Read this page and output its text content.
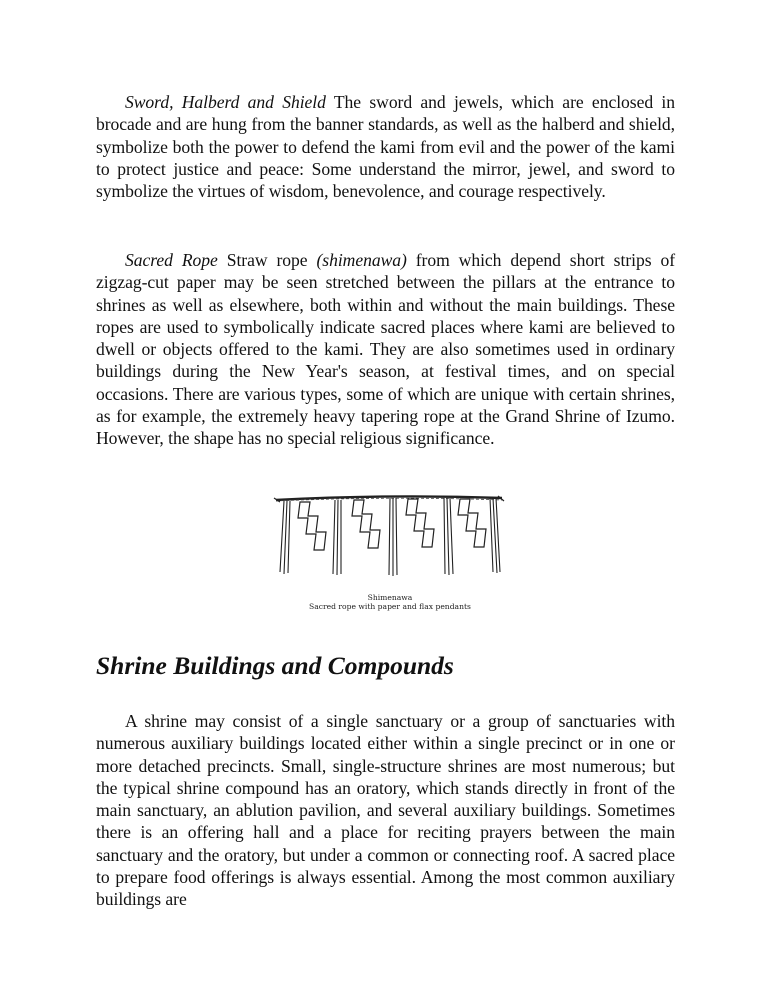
Sword, Halberd and Shield The sword and jewels, which are enclosed in brocade and are hung from the banner standards, as well as the halberd and shield, symbolize both the power to defend the kami from evil and the power of the kami to protect justice and peace: Some understand the mirror, jewel, and sword to symbolize the virtues of wisdom, benevolence, and courage respectively.

Sacred Rope Straw rope (shimenawa) from which depend short strips of zigzag-cut paper may be seen stretched between the pillars at the entrance to shrines as well as elsewhere, both within and without the main buildings. These ropes are used to symbolically indicate sacred places where kami are believed to dwell or objects offered to the kami. They are also sometimes used in ordinary buildings during the New Year's season, at festival times, and on special occasions. There are various types, some of which are unique with certain shrines, as for example, the extremely heavy tapering rope at the Grand Shrine of Izumo. However, the shape has no special religious significance.

Shimenawa

Sacred rope with paper and flax pendants

Shrine Buildings and Compounds

A shrine may consist of a single sanctuary or a group of sanctuaries with numerous auxiliary buildings located either within a single precinct or in one or more detached precincts. Small, single-structure shrines are most numerous; but the typical shrine compound has an oratory, which stands directly in front of the main sanctuary, an ablution pavilion, and several auxiliary buildings. Sometimes there is an offering hall and a place for reciting prayers between the main sanctuary and the oratory, but under a common or connecting roof. A sacred place to prepare food offerings is always essential. Among the most common auxiliary buildings are
